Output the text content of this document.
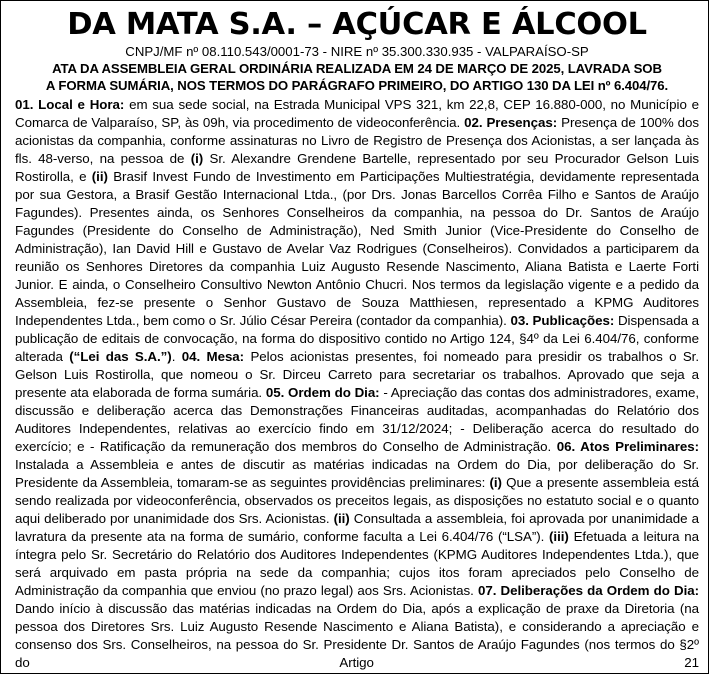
DA MATA S.A. – AÇÚCAR E ÁLCOOL
CNPJ/MF nº 08.110.543/0001-73 - NIRE nº 35.300.330.935 - VALPARAÍSO-SP
ATA DA ASSEMBLEIA GERAL ORDINÁRIA REALIZADA EM 24 DE MARÇO DE 2025, LAVRADA SOB
A FORMA SUMÁRIA, NOS TERMOS DO PARÁGRAFO PRIMEIRO, DO ARTIGO 130 DA LEI nº 6.404/76.

01. Local e Hora: em sua sede social, na Estrada Municipal VPS 321, km 22,8, CEP 16.880-000, no Município e Comarca de Valparaíso, SP, às 09h, via procedimento de videoconferência. 02. Presenças: Presença de 100% dos acionistas da companhia, conforme assinaturas no Livro de Registro de Presença dos Acionistas, a ser lançada às fls. 48-verso, na pessoa de (i) Sr. Alexandre Grendene Bartelle, representado por seu Procurador Gelson Luis Rostirolla, e (ii) Brasif Invest Fundo de Investimento em Participações Multiestratégia, devidamente representada por sua Gestora, a Brasif Gestão Internacional Ltda., (por Drs. Jonas Barcellos Corrêa Filho e Santos de Araújo Fagundes). Presentes ainda, os Senhores Conselheiros da companhia, na pessoa do Dr. Santos de Araújo Fagundes (Presidente do Conselho de Administração), Ned Smith Junior (Vice-Presidente do Conselho de Administração), Ian David Hill e Gustavo de Avelar Vaz Rodrigues (Conselheiros). Convidados a participarem da reunião os Senhores Diretores da companhia Luiz Augusto Resende Nascimento, Aliana Batista e Laerte Forti Junior. E ainda, o Conselheiro Consultivo Newton Antônio Chucri. Nos termos da legislação vigente e a pedido da Assembleia, fez-se presente o Senhor Gustavo de Souza Matthiesen, representado a KPMG Auditores Independentes Ltda., bem como o Sr. Júlio César Pereira (contador da companhia). 03. Publicações: Dispensada a publicação de editais de convocação, na forma do dispositivo contido no Artigo 124, §4º da Lei 6.404/76, conforme alterada (“Lei das S.A.”). 04. Mesa: Pelos acionistas presentes, foi nomeado para presidir os trabalhos o Sr. Gelson Luis Rostirolla, que nomeou o Sr. Dirceu Carreto para secretariar os trabalhos. Aprovado que seja a presente ata elaborada de forma sumária. 05. Ordem do Dia: - Apreciação das contas dos administradores, exame, discussão e deliberação acerca das Demonstrações Financeiras auditadas, acompanhadas do Relatório dos Auditores Independentes, relativas ao exercício findo em 31/12/2024; - Deliberação acerca do resultado do exercício; e - Ratificação da remuneração dos membros do Conselho de Administração. 06. Atos Preliminares: Instalada a Assembleia e antes de discutir as matérias indicadas na Ordem do Dia, por deliberação do Sr. Presidente da Assembleia, tomaram-se as seguintes providências preliminares: (i) Que a presente assembleia está sendo realizada por videoconferência, observados os preceitos legais, as disposições no estatuto social e o quanto aqui deliberado por unanimidade dos Srs. Acionistas. (ii) Consultada a assembleia, foi aprovada por unanimidade a lavratura da presente ata na forma de sumário, conforme faculta a Lei 6.404/76 (“LSA”). (iii) Efetuada a leitura na íntegra pelo Sr. Secretário do Relatório dos Auditores Independentes (KPMG Auditores Independentes Ltda.), que será arquivado em pasta própria na sede da companhia; cujos itos foram apreciados pelo Conselho de Administração da companhia que enviou (no prazo legal) aos Srs. Acionistas. 07. Deliberações da Ordem do Dia: Dando início à discussão das matérias indicadas na Ordem do Dia, após a explicação de praxe da Diretoria (na pessoa dos Diretores Srs. Luiz Augusto Resende Nascimento e Aliana Batista), e considerando a apreciação e consenso dos Srs. Conselheiros, na pessoa do Sr. Presidente Dr. Santos de Araújo Fagundes (nos termos do §2º do Artigo 21
